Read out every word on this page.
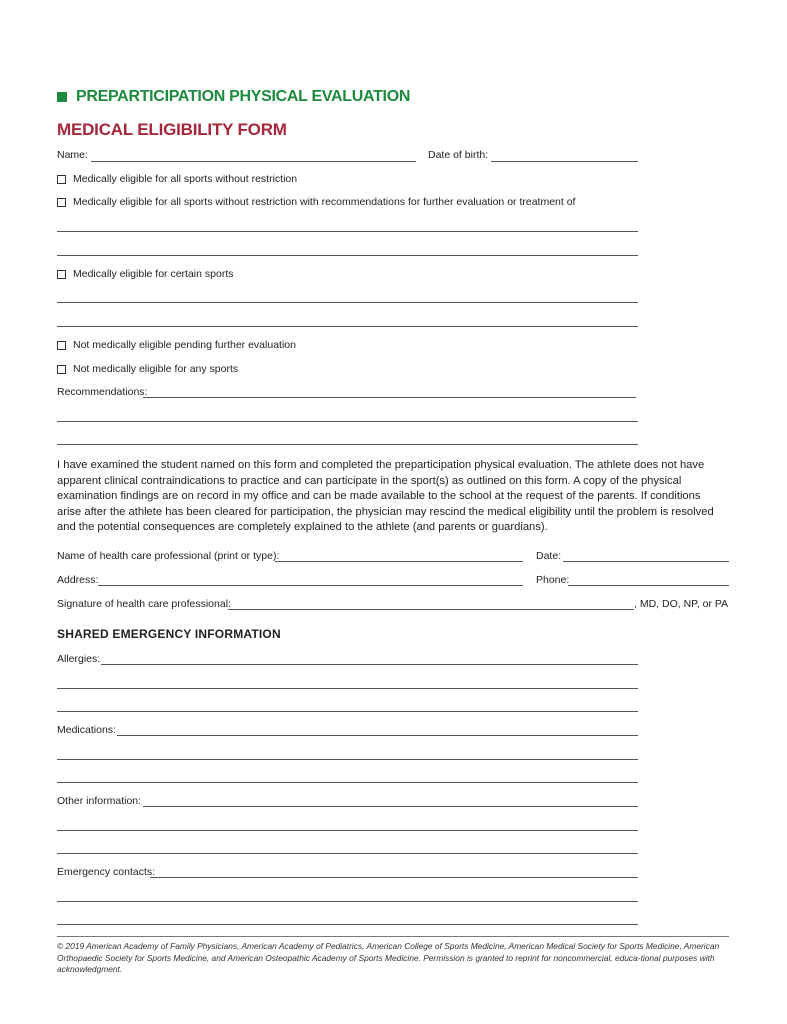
PREPARTICIPATION PHYSICAL EVALUATION
MEDICAL ELIGIBILITY FORM
Name:	Date of birth:
Medically eligible for all sports without restriction
Medically eligible for all sports without restriction with recommendations for further evaluation or treatment of
Medically eligible for certain sports
Not medically eligible pending further evaluation
Not medically eligible for any sports
Recommendations:
I have examined the student named on this form and completed the preparticipation physical evaluation. The athlete does not have apparent clinical contraindications to practice and can participate in the sport(s) as outlined on this form. A copy of the physical examination findings are on record in my office and can be made available to the school at the request of the parents. If conditions arise after the athlete has been cleared for participation, the physician may rescind the medical eligibility until the problem is resolved and the potential consequences are completely explained to the athlete (and parents or guardians).
Name of health care professional (print or type):	Date:
Address:	Phone:
Signature of health care professional:	, MD, DO, NP, or PA
SHARED EMERGENCY INFORMATION
Allergies:
Medications:
Other information:
Emergency contacts:
© 2019 American Academy of Family Physicians, American Academy of Pediatrics, American College of Sports Medicine, American Medical Society for Sports Medicine, American Orthopaedic Society for Sports Medicine, and American Osteopathic Academy of Sports Medicine. Permission is granted to reprint for noncommercial, educa-tional purposes with acknowledgment.
